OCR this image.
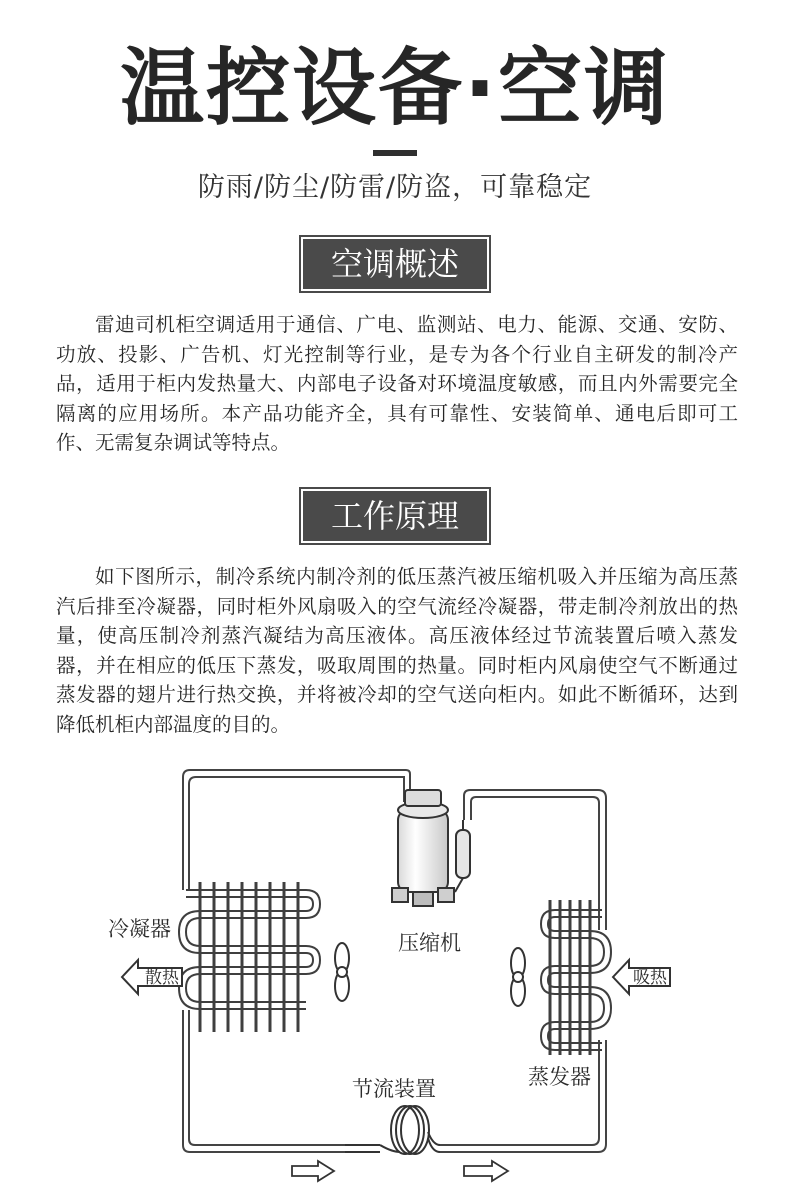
温控设备·空调
防雨/防尘/防雷/防盗，可靠稳定
空调概述

雷迪司机柜空调适用于通信、广电、监测站、电力、能源、交通、安防、功放、投影、广告机、灯光控制等行业，是专为各个行业自主研发的制冷产品，适用于柜内发热量大、内部电子设备对环境温度敏感，而且内外需要完全隔离的应用场所。本产品功能齐全，具有可靠性、安装简单、通电后即可工作、无需复杂调试等特点。

工作原理

如下图所示，制冷系统内制冷剂的低压蒸汽被压缩机吸入并压缩为高压蒸汽后排至冷凝器，同时柜外风扇吸入的空气流经冷凝器，带走制冷剂放出的热量，使高压制冷剂蒸汽凝结为高压液体。高压液体经过节流装置后喷入蒸发器，并在相应的低压下蒸发，吸取周围的热量。同时柜内风扇使空气不断通过蒸发器的翅片进行热交换，并将被冷却的空气送向柜内。如此不断循环，达到降低机柜内部温度的目的。

散热
冷凝器
压缩机
吸热
蒸发器
节流装置
